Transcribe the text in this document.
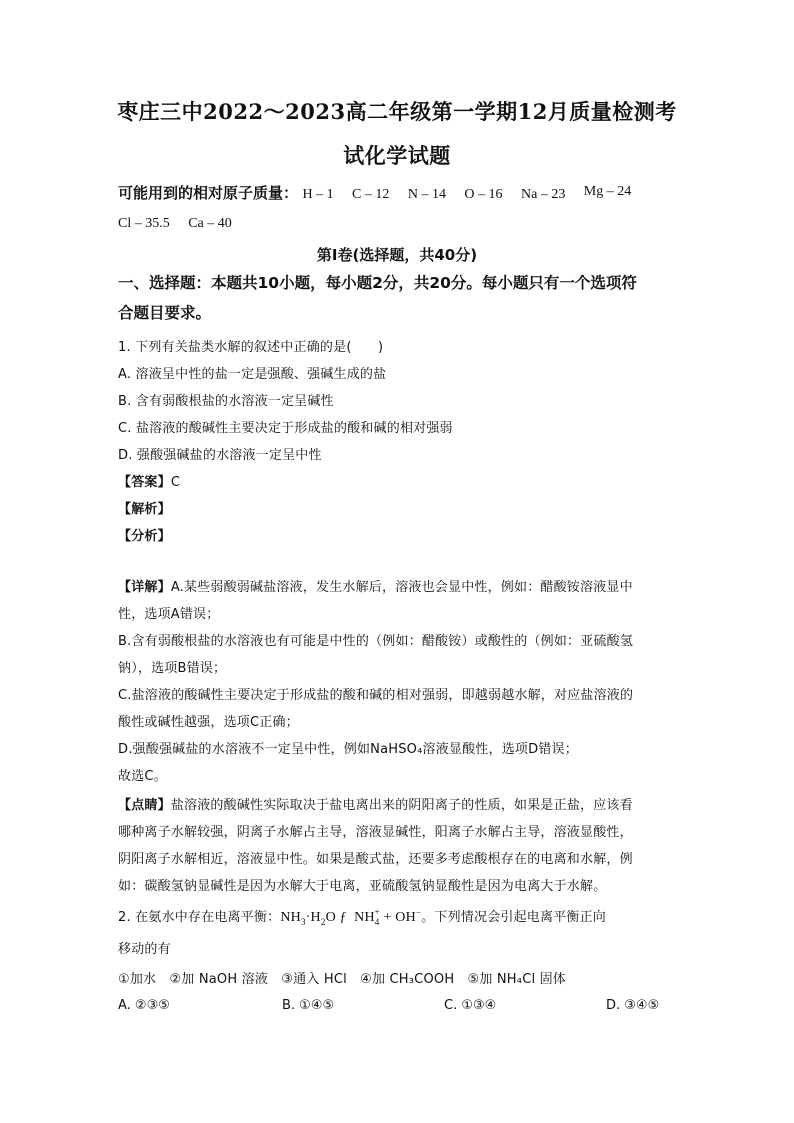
枣庄三中2022～2023高二年级第一学期12月质量检测考
试化学试题
可能用到的相对原子质量： H – 1 C – 12 N – 14 O – 16 Na – 23 Mg – 24
Cl – 35.5 Ca – 40
第I卷(选择题，共40分)
一、选择题：本题共10小题，每小题2分，共20分。每小题只有一个选项符
合题目要求。
1. 下列有关盐类水解的叙述中正确的是(　　)
A. 溶液呈中性的盐一定是强酸、强碱生成的盐
B. 含有弱酸根盐的水溶液一定呈碱性
C. 盐溶液的酸碱性主要决定于形成盐的酸和碱的相对强弱
D. 强酸强碱盐的水溶液一定呈中性
【答案】C
【解析】
【分析】
【详解】A.某些弱酸弱碱盐溶液，发生水解后，溶液也会显中性，例如：醋酸铵溶液显中
性，选项A错误；
B.含有弱酸根盐的水溶液也有可能是中性的（例如：醋酸铵）或酸性的（例如：亚硫酸氢
钠），选项B错误；
C.盐溶液的酸碱性主要决定于形成盐的酸和碱的相对强弱，即越弱越水解，对应盐溶液的
酸性或碱性越强，选项C正确；
D.强酸强碱盐的水溶液不一定呈中性，例如NaHSO₄溶液显酸性，选项D错误；
故选C。
【点睛】盐溶液的酸碱性实际取决于盐电离出来的阴阳离子的性质，如果是正盐，应该看
哪种离子水解较强，阴离子水解占主导，溶液显碱性，阳离子水解占主导，溶液显酸性，
阴阳离子水解相近，溶液显中性。如果是酸式盐，还要多考虑酸根存在的电离和水解，例
如：碳酸氢钠显碱性是因为水解大于电离，亚硫酸氢钠显酸性是因为电离大于水解。
2. 在氨水中存在电离平衡：$NH_3\cdot H_2O$ ƒ  $NH_4^+ + OH^-$。下列情况会引起电离平衡正向
移动的有
①加水　②加 NaOH 溶液　③通入 HCl　④加 CH₃COOH　⑤加 NH₄Cl 固体
A. ②③⑤	B. ①④⑤	C. ①③④	D. ③④⑤
